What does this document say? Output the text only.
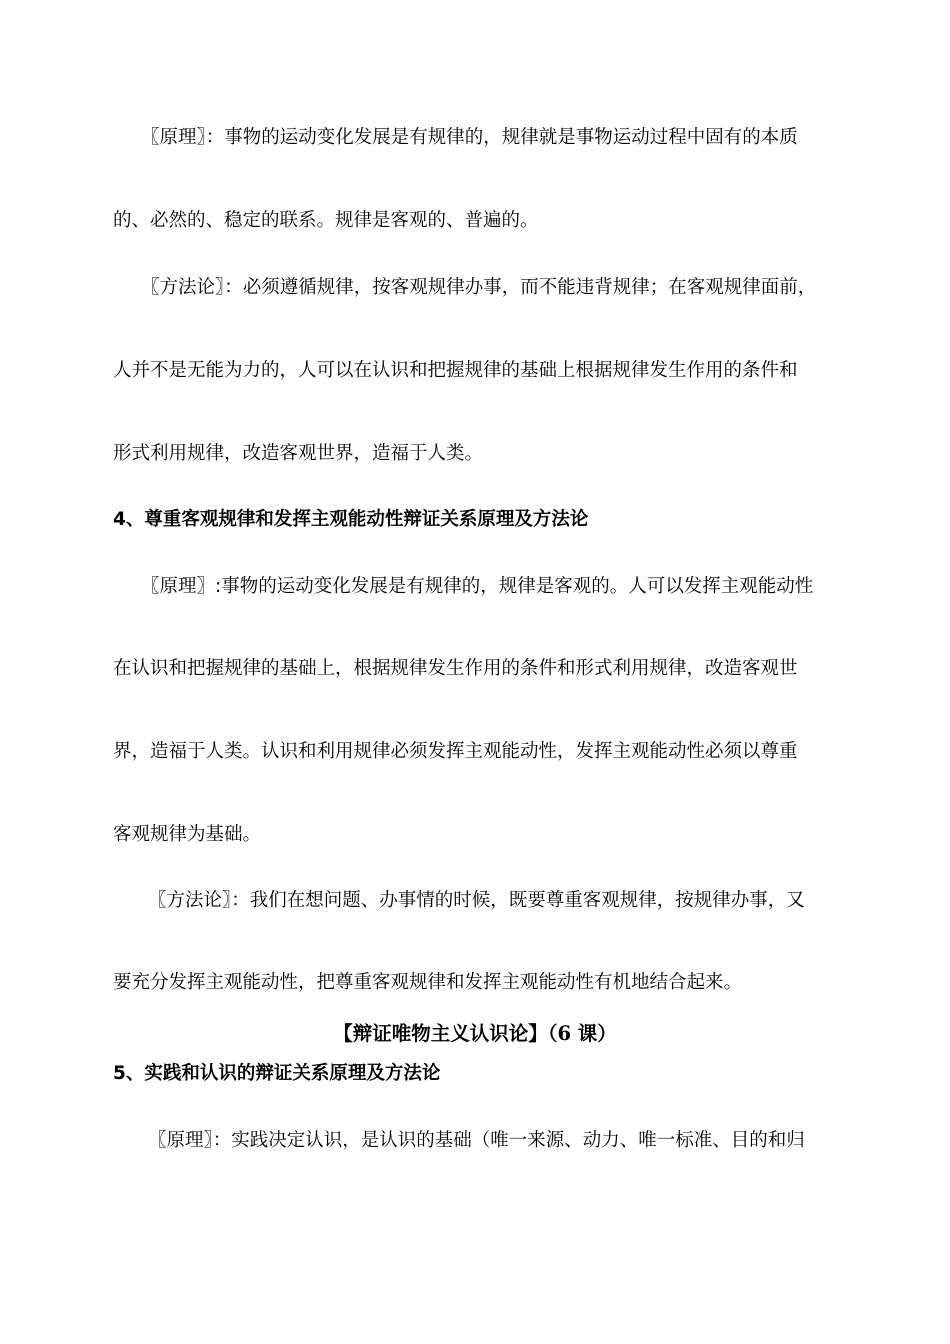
〖原理〗：事物的运动变化发展是有规律的，规律就是事物运动过程中固有的本质

的、必然的、稳定的联系。规律是客观的、普遍的。

〖方法论〗：必须遵循规律，按客观规律办事，而不能违背规律；在客观规律面前，

人并不是无能为力的，人可以在认识和把握规律的基础上根据规律发生作用的条件和

形式利用规律，改造客观世界，造福于人类。

4、尊重客观规律和发挥主观能动性辩证关系原理及方法论

〖原理〗:事物的运动变化发展是有规律的，规律是客观的。人可以发挥主观能动性

在认识和把握规律的基础上，根据规律发生作用的条件和形式利用规律，改造客观世

界，造福于人类。认识和利用规律必须发挥主观能动性，发挥主观能动性必须以尊重

客观规律为基础。

〖方法论〗：我们在想问题、办事情的时候，既要尊重客观规律，按规律办事，又

要充分发挥主观能动性，把尊重客观规律和发挥主观能动性有机地结合起来。

【辩证唯物主义认识论】（6 课）

5、实践和认识的辩证关系原理及方法论

〖原理〗：实践决定认识，是认识的基础（唯一来源、动力、唯一标准、目的和归
